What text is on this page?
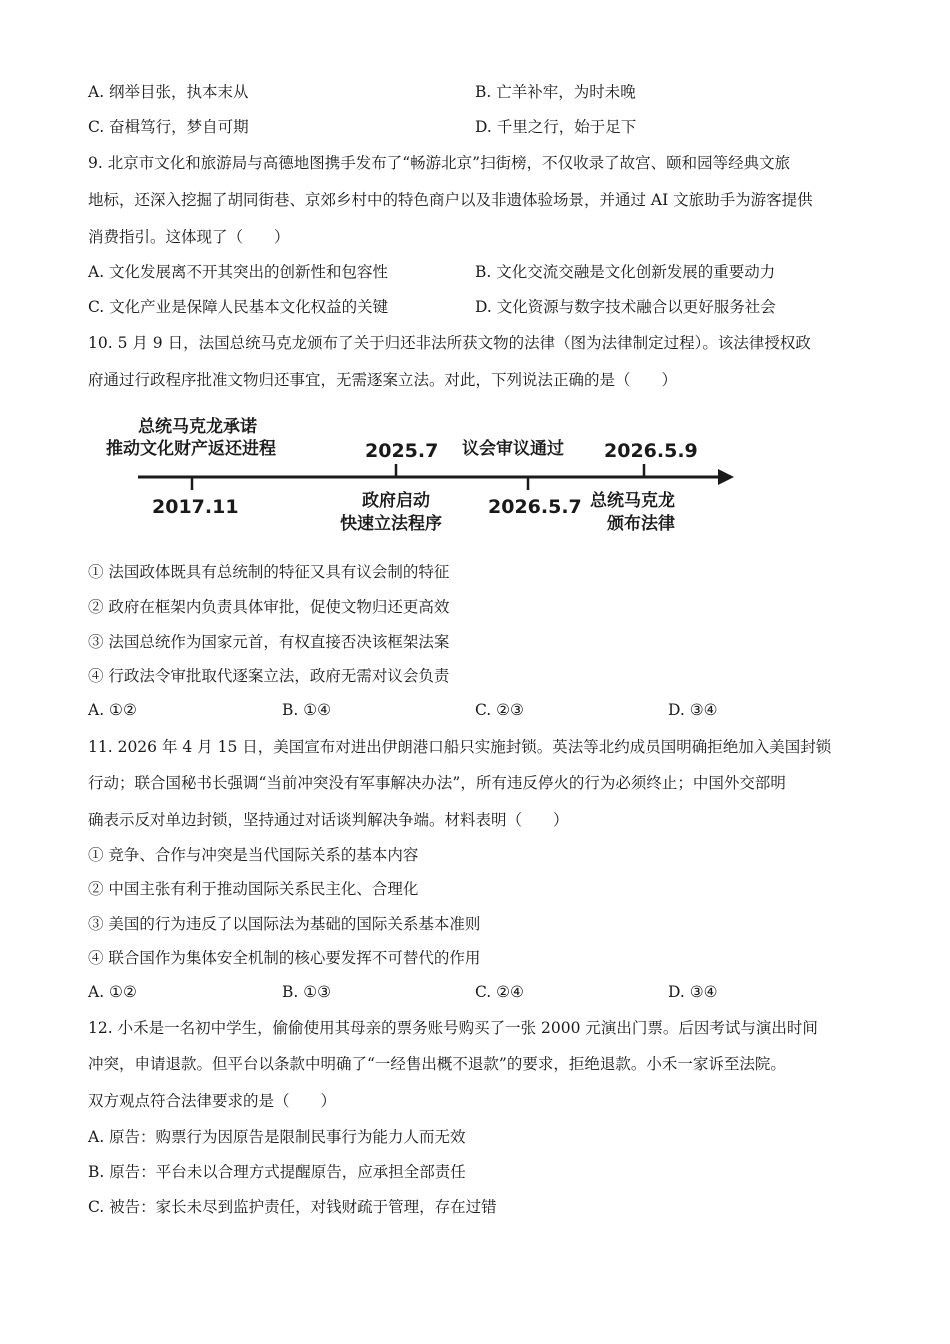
A. 纲举目张，执本末从	B. 亡羊补牢，为时未晚
C. 奋楫笃行，梦自可期	D. 千里之行，始于足下
9. 北京市文化和旅游局与高德地图携手发布了“畅游北京”扫街榜，不仅收录了故宫、颐和园等经典文旅
地标，还深入挖掘了胡同街巷、京郊乡村中的特色商户以及非遗体验场景，并通过 AI 文旅助手为游客提供
消费指引。这体现了（　　）
A. 文化发展离不开其突出的创新性和包容性	B. 文化交流交融是文化创新发展的重要动力
C. 文化产业是保障人民基本文化权益的关键	D. 文化资源与数字技术融合以更好服务社会
10. 5 月 9 日，法国总统马克龙颁布了关于归还非法所获文物的法律（图为法律制定过程）。该法律授权政
府通过行政程序批准文物归还事宜，无需逐案立法。对此，下列说法正确的是（　　）
总统马克龙承诺
推动文化财产返还进程
2017.11
2025.7
政府启动
快速立法程序
议会审议通过
2026.5.7
2026.5.9
总统马克龙
颁布法律
① 法国政体既具有总统制的特征又具有议会制的特征
② 政府在框架内负责具体审批，促使文物归还更高效
③ 法国总统作为国家元首，有权直接否决该框架法案
④ 行政法令审批取代逐案立法，政府无需对议会负责
A. ①②	B. ①④	C. ②③	D. ③④
11. 2026 年 4 月 15 日，美国宣布对进出伊朗港口船只实施封锁。英法等北约成员国明确拒绝加入美国封锁
行动；联合国秘书长强调“当前冲突没有军事解决办法”，所有违反停火的行为必须终止；中国外交部明
确表示反对单边封锁，坚持通过对话谈判解决争端。材料表明（　　）
① 竞争、合作与冲突是当代国际关系的基本内容
② 中国主张有利于推动国际关系民主化、合理化
③ 美国的行为违反了以国际法为基础的国际关系基本准则
④ 联合国作为集体安全机制的核心要发挥不可替代的作用
A. ①②	B. ①③	C. ②④	D. ③④
12. 小禾是一名初中学生，偷偷使用其母亲的票务账号购买了一张 2000 元演出门票。后因考试与演出时间
冲突，申请退款。但平台以条款中明确了“一经售出概不退款”的要求，拒绝退款。小禾一家诉至法院。
双方观点符合法律要求的是（　　）
A. 原告：购票行为因原告是限制民事行为能力人而无效
B. 原告：平台未以合理方式提醒原告，应承担全部责任
C. 被告：家长未尽到监护责任，对钱财疏于管理，存在过错
